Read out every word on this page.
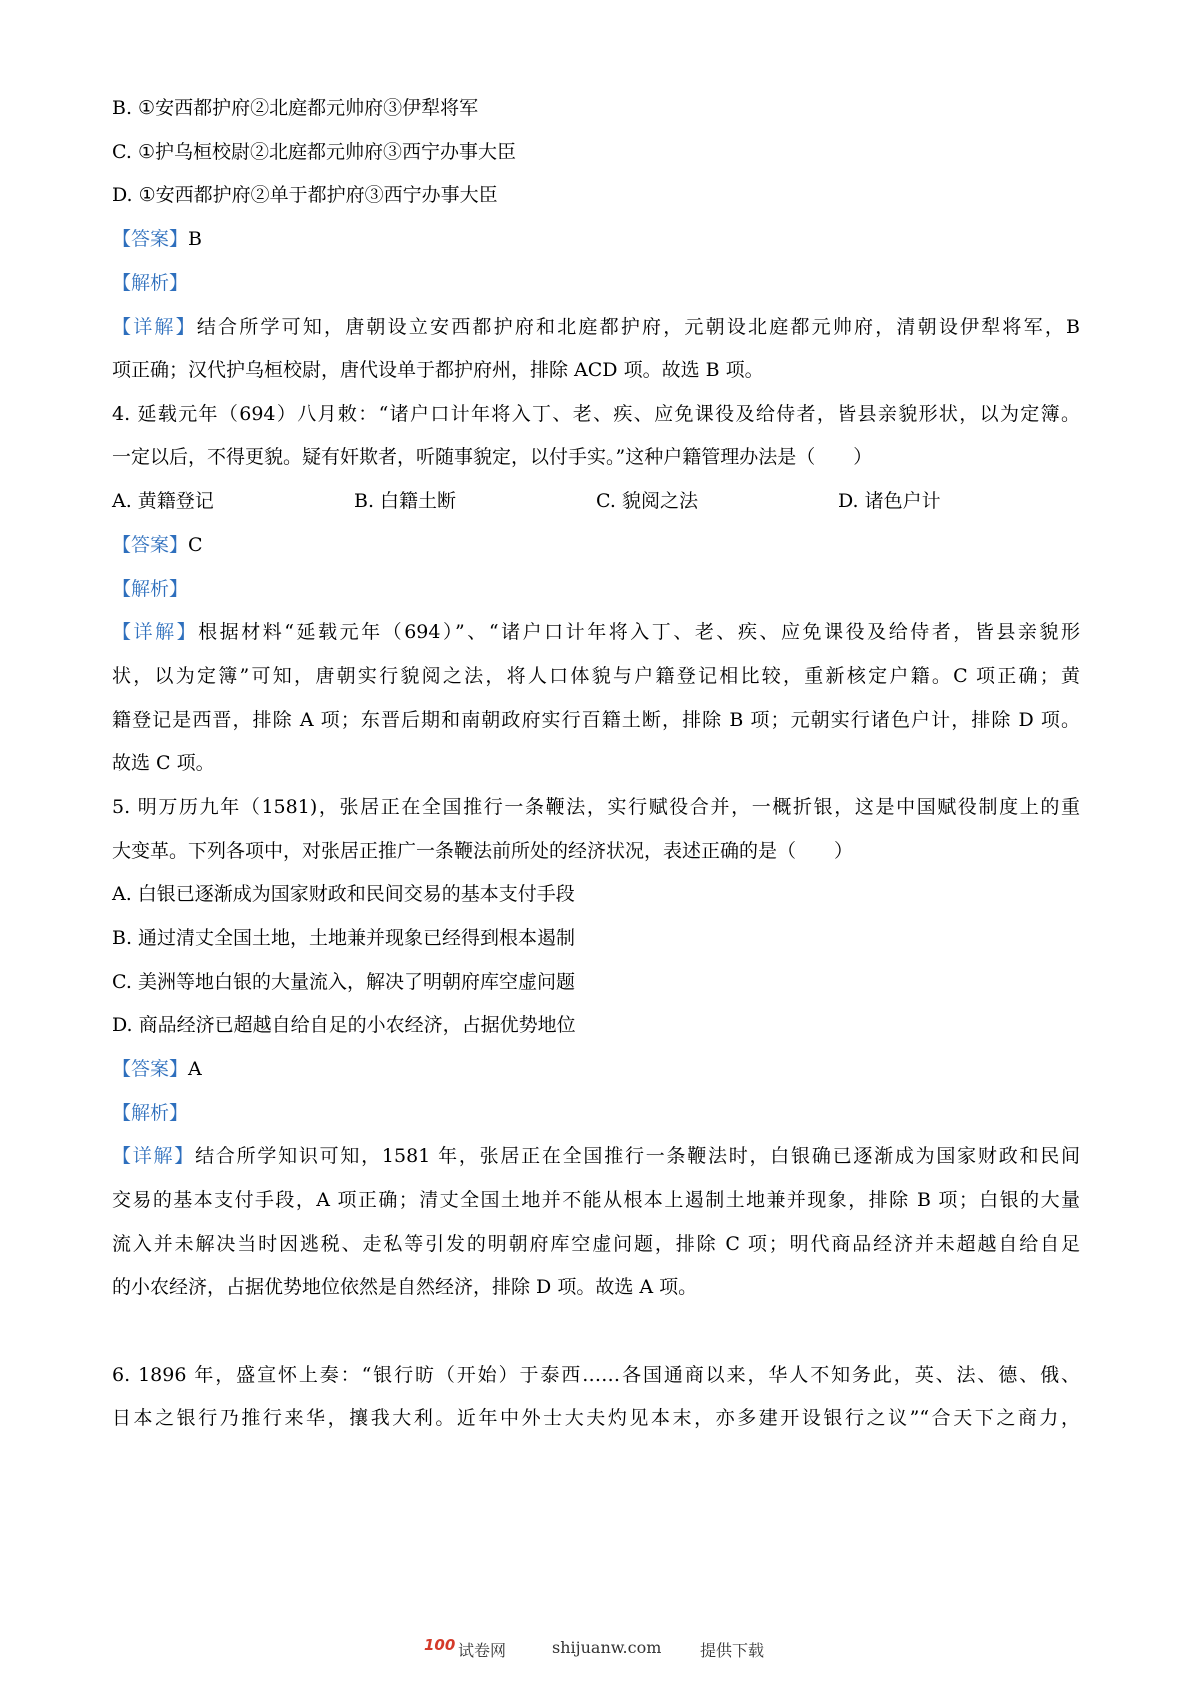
B. ①安西都护府②北庭都元帅府③伊犁将军
C. ①护乌桓校尉②北庭都元帅府③西宁办事大臣
D. ①安西都护府②单于都护府③西宁办事大臣
【答案】B
【解析】
【详解】结合所学可知，唐朝设立安西都护府和北庭都护府，元朝设北庭都元帅府，清朝设伊犁将军，B
项正确；汉代护乌桓校尉，唐代设单于都护府州，排除 ACD 项。故选 B 项。
4. 延载元年（694）八月敕：“诸户口计年将入丁、老、疾、应免课役及给侍者，皆县亲貌形状，以为定簿。
一定以后，不得更貌。疑有奸欺者，听随事貌定，以付手实。”这种户籍管理办法是（　　）
A. 黄籍登记	B. 白籍土断	C. 貌阅之法	D. 诸色户计
【答案】C
【解析】
【详解】根据材料“延载元年（694）”、“诸户口计年将入丁、老、疾、应免课役及给侍者，皆县亲貌形
状，以为定簿”可知，唐朝实行貌阅之法，将人口体貌与户籍登记相比较，重新核定户籍。C 项正确；黄
籍登记是西晋，排除 A 项；东晋后期和南朝政府实行百籍土断，排除 B 项；元朝实行诸色户计，排除 D 项。
故选 C 项。
5. 明万历九年（1581)，张居正在全国推行一条鞭法，实行赋役合并，一概折银，这是中国赋役制度上的重
大变革。下列各项中，对张居正推广一条鞭法前所处的经济状况，表述正确的是（　　）
A. 白银已逐渐成为国家财政和民间交易的基本支付手段
B. 通过清丈全国土地，土地兼并现象已经得到根本遏制
C. 美洲等地白银的大量流入，解决了明朝府库空虚问题
D. 商品经济已超越自给自足的小农经济，占据优势地位
【答案】A
【解析】
【详解】结合所学知识可知，1581 年，张居正在全国推行一条鞭法时，白银确已逐渐成为国家财政和民间
交易的基本支付手段，A 项正确；清丈全国土地并不能从根本上遏制土地兼并现象，排除 B 项；白银的大量
流入并未解决当时因逃税、走私等引发的明朝府库空虚问题，排除 C 项；明代商品经济并未超越自给自足
的小农经济，占据优势地位依然是自然经济，排除 D 项。故选 A 项。
6. 1896 年，盛宣怀上奏：“银行昉（开始）于泰西……各国通商以来，华人不知务此，英、法、德、俄、
日本之银行乃推行来华，攘我大利。近年中外士大夫灼见本末，亦多建开设银行之议”“合天下之商力，
100 试卷网	shijuanw.com 提供下载
